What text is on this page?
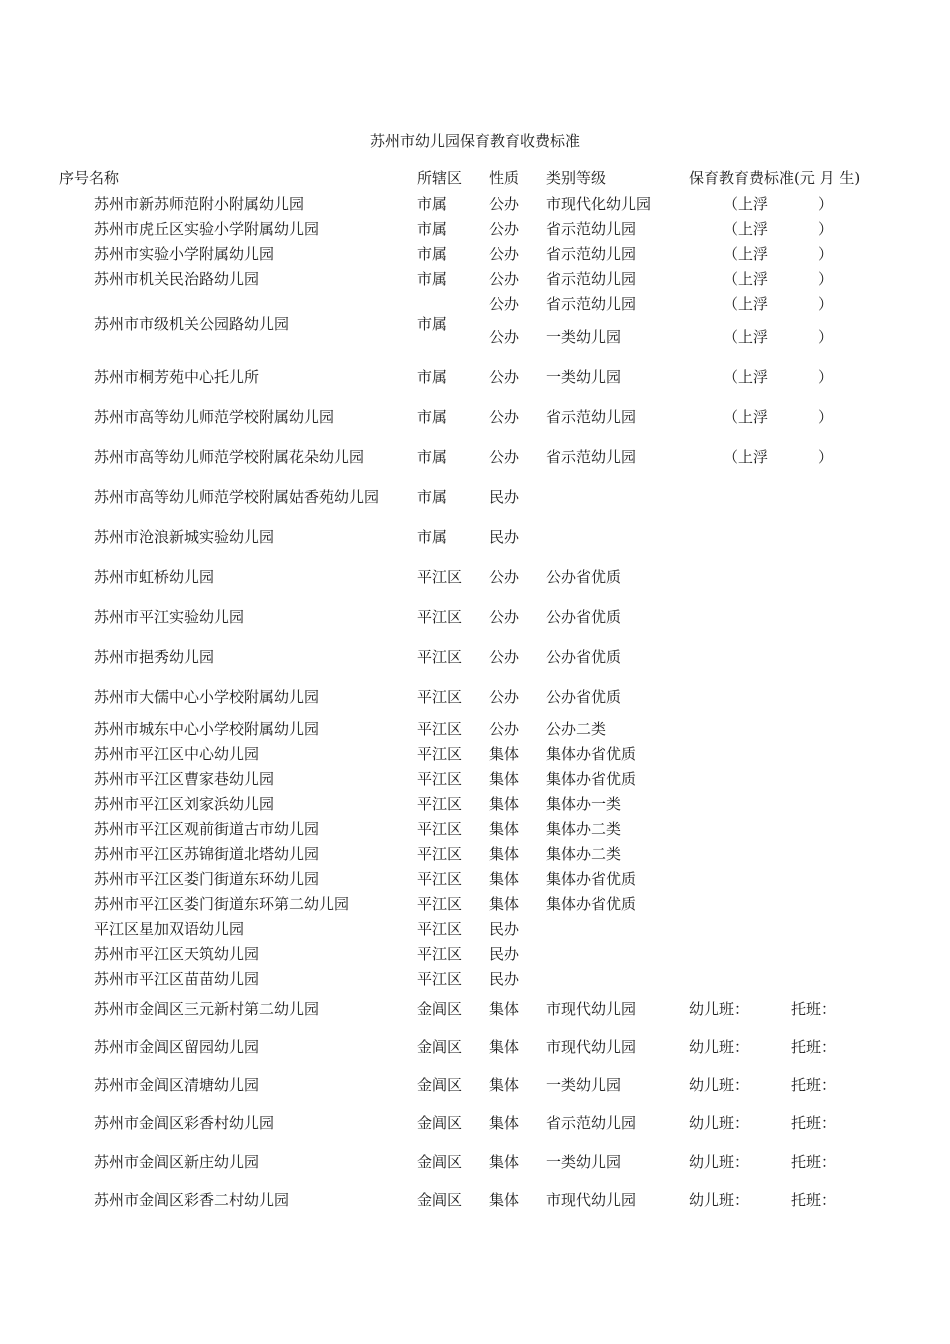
苏州市幼儿园保育教育收费标准
序号名称	所辖区 性质 类别等级	保育教育费标准(元 月 生)
苏州市新苏师范附小附属幼儿园	市属	公办 市现代化幼儿园	（上浮	）
苏州市虎丘区实验小学附属幼儿园	市属	公办 省示范幼儿园	（上浮	）
苏州市实验小学附属幼儿园	市属	公办 省示范幼儿园	（上浮	）
苏州市机关民治路幼儿园	市属	公办 省示范幼儿园	（上浮	）
公办 省示范幼儿园	（上浮	）
苏州市市级机关公园路幼儿园	市属
公办 一类幼儿园	（上浮	）
苏州市桐芳苑中心托儿所	市属	公办 一类幼儿园	（上浮	）
苏州市高等幼儿师范学校附属幼儿园	市属	公办 省示范幼儿园	（上浮	）
苏州市高等幼儿师范学校附属花朵幼儿园	市属	公办 省示范幼儿园	（上浮	）
苏州市高等幼儿师范学校附属姑香苑幼儿园	市属	民办
苏州市沧浪新城实验幼儿园	市属	民办
苏州市虹桥幼儿园	平江区 公办 公办省优质
苏州市平江实验幼儿园	平江区 公办 公办省优质
苏州市挹秀幼儿园	平江区 公办 公办省优质
苏州市大儒中心小学校附属幼儿园	平江区 公办 公办省优质
苏州市城东中心小学校附属幼儿园	平江区 公办 公办二类
苏州市平江区中心幼儿园	平江区 集体 集体办省优质
苏州市平江区曹家巷幼儿园	平江区 集体 集体办省优质
苏州市平江区刘家浜幼儿园	平江区 集体 集体办一类
苏州市平江区观前街道古市幼儿园	平江区 集体 集体办二类
苏州市平江区苏锦街道北塔幼儿园	平江区 集体 集体办二类
苏州市平江区娄门街道东环幼儿园	平江区 集体 集体办省优质
苏州市平江区娄门街道东环第二幼儿园	平江区 集体 集体办省优质
平江区星加双语幼儿园	平江区 民办
苏州市平江区天筑幼儿园	平江区 民办
苏州市平江区苗苗幼儿园	平江区 民办
苏州市金阊区三元新村第二幼儿园	金阊区 集体 市现代幼儿园	幼儿班：	托班：
苏州市金阊区留园幼儿园	金阊区 集体 市现代幼儿园	幼儿班：	托班：
苏州市金阊区清塘幼儿园	金阊区 集体 一类幼儿园	幼儿班：	托班：
苏州市金阊区彩香村幼儿园	金阊区 集体 省示范幼儿园	幼儿班：	托班：
苏州市金阊区新庄幼儿园	金阊区 集体 一类幼儿园	幼儿班：	托班：
苏州市金阊区彩香二村幼儿园	金阊区 集体 市现代幼儿园	幼儿班：	托班：
